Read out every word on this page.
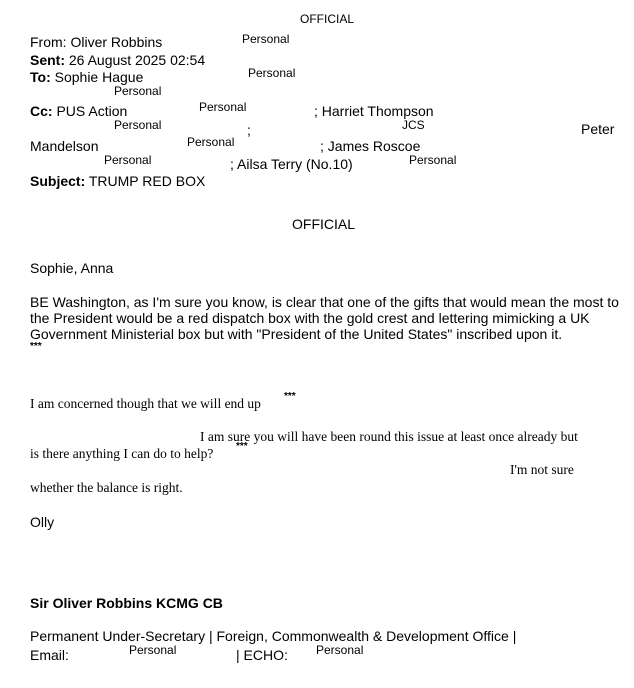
OFFICIAL
From: Oliver Robbins	Personal
Sent: 26 August 2025 02:54
To: Sophie Hague	Personal
Personal
Cc: PUS Action	Personal	; Harriet Thompson
Personal	;	JCS	Peter
Mandelson	Personal	; James Roscoe
Personal	; Ailsa Terry (No.10)	Personal
Subject: TRUMP RED BOX
OFFICIAL
Sophie, Anna
BE Washington, as I'm sure you know, is clear that one of the gifts that would mean the most to the President would be a red dispatch box with the gold crest and lettering mimicking a UK Government Ministerial box but with "President of the United States" inscribed upon it.
***
I am concerned though that we will end up ***
I am sure you will have been round this issue at least once already but
is there anything I can do to help? ***
I'm not sure
whether the balance is right.
Olly
Sir Oliver Robbins KCMG CB
Permanent Under-Secretary | Foreign, Commonwealth & Development Office |
Email:	Personal	| ECHO: Personal
